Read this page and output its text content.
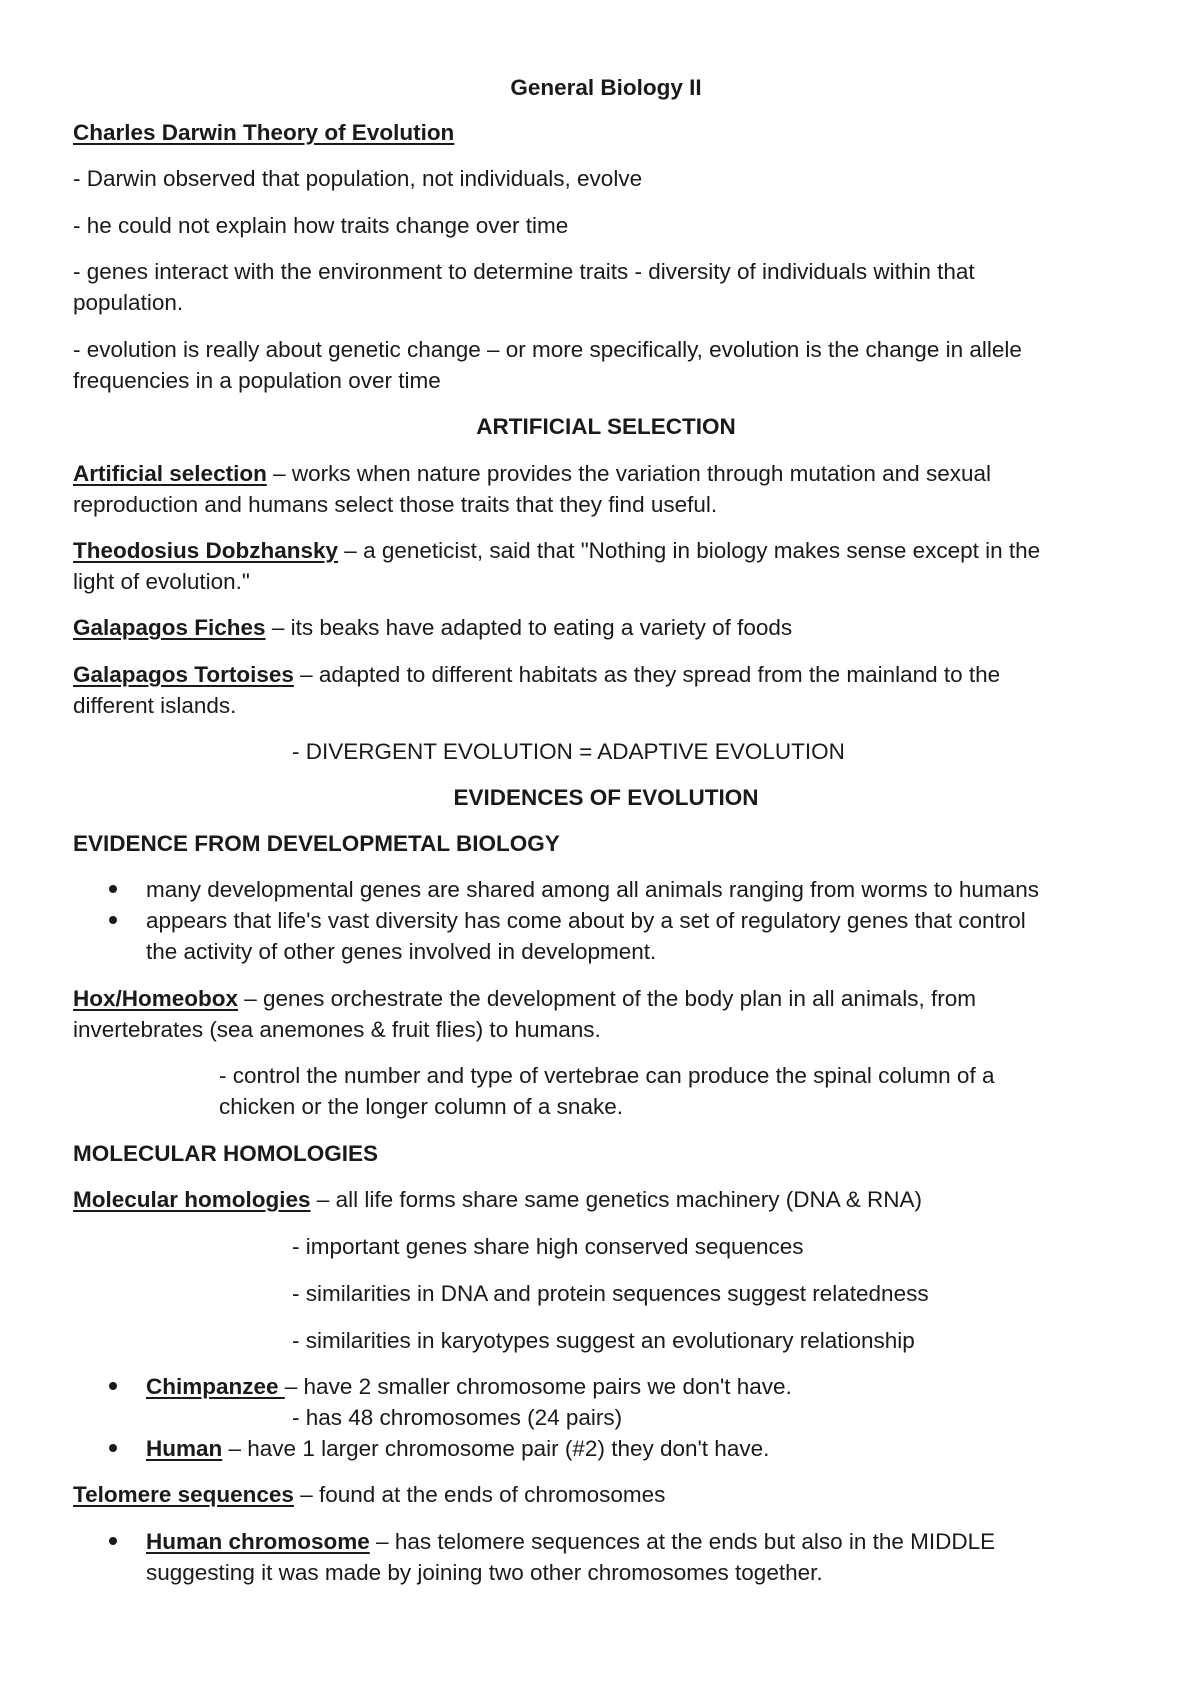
General Biology II
Charles Darwin Theory of Evolution
- Darwin observed that population, not individuals, evolve
- he could not explain how traits change over time
- genes interact with the environment to determine traits - diversity of individuals within that
population.
- evolution is really about genetic change – or more specifically, evolution is the change in allele
frequencies in a population over time
ARTIFICIAL SELECTION
Artificial selection – works when nature provides the variation through mutation and sexual
reproduction and humans select those traits that they find useful.
Theodosius Dobzhansky – a geneticist, said that "Nothing in biology makes sense except in the
light of evolution."
Galapagos Fiches – its beaks have adapted to eating a variety of foods
Galapagos Tortoises – adapted to different habitats as they spread from the mainland to the
different islands.
- DIVERGENT EVOLUTION = ADAPTIVE EVOLUTION
EVIDENCES OF EVOLUTION
EVIDENCE FROM DEVELOPMETAL BIOLOGY
many developmental genes are shared among all animals ranging from worms to humans
appears that life's vast diversity has come about by a set of regulatory genes that control
the activity of other genes involved in development.
Hox/Homeobox – genes orchestrate the development of the body plan in all animals, from
invertebrates (sea anemones & fruit flies) to humans.
- control the number and type of vertebrae can produce the spinal column of a
chicken or the longer column of a snake.
MOLECULAR HOMOLOGIES
Molecular homologies – all life forms share same genetics machinery (DNA & RNA)
- important genes share high conserved sequences
- similarities in DNA and protein sequences suggest relatedness
- similarities in karyotypes suggest an evolutionary relationship
Chimpanzee – have 2 smaller chromosome pairs we don't have.
- has 48 chromosomes (24 pairs)
Human – have 1 larger chromosome pair (#2) they don't have.
Telomere sequences – found at the ends of chromosomes
Human chromosome – has telomere sequences at the ends but also in the MIDDLE
suggesting it was made by joining two other chromosomes together.
